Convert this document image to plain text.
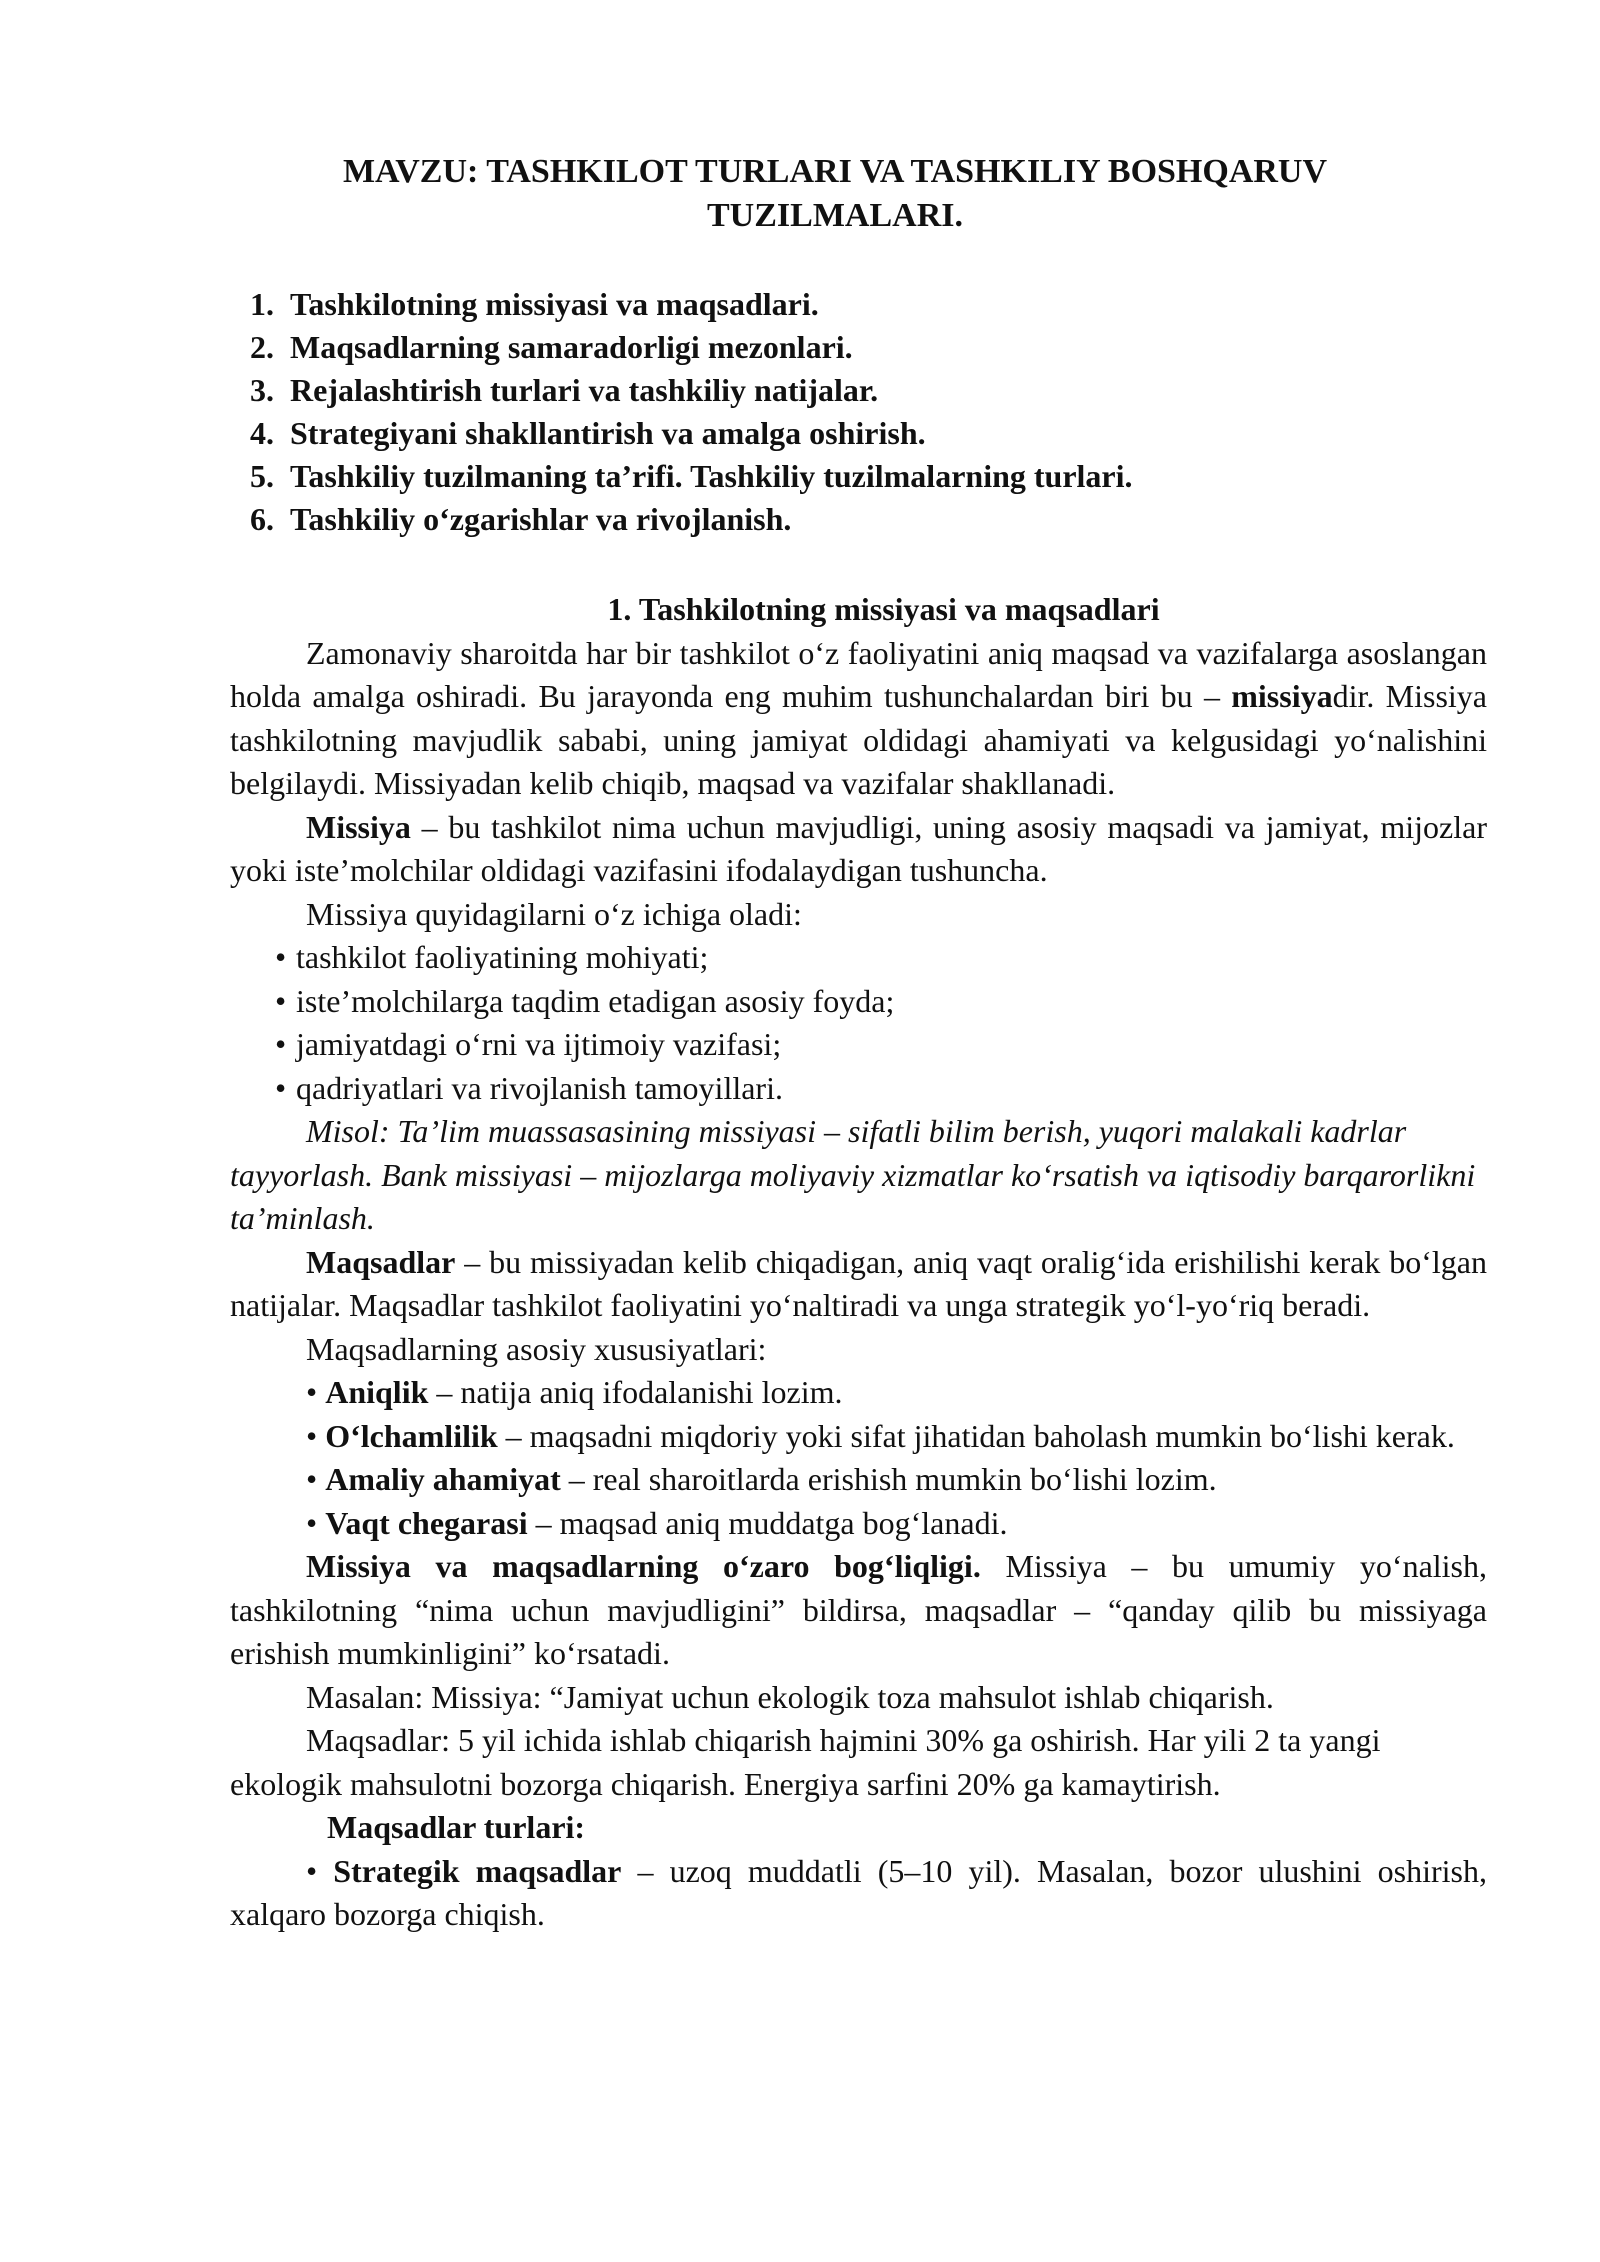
MAVZU: TASHKILOT TURLARI VA TASHKILIY BOSHQARUV
TUZILMALARI.
1. Tashkilotning missiyasi va maqsadlari.
2. Maqsadlarning samaradorligi mezonlari.
3. Rejalashtirish turlari va tashkiliy natijalar.
4. Strategiyani shakllantirish va amalga oshirish.
5. Tashkiliy tuzilmaning ta’rifi. Tashkiliy tuzilmalarning turlari.
6. Tashkiliy o‘zgarishlar va rivojlanish.
1. Tashkilotning missiyasi va maqsadlari

Zamonaviy sharoitda har bir tashkilot o‘z faoliyatini aniq maqsad va vazifalarga asoslangan holda amalga oshiradi. Bu jarayonda eng muhim tushunchalardan biri bu – missiyadir. Missiya tashkilotning mavjudlik sababi, uning jamiyat oldidagi ahamiyati va kelgusidagi yo‘nalishini belgilaydi. Missiyadan kelib chiqib, maqsad va vazifalar shakllanadi.

Missiya – bu tashkilot nima uchun mavjudligi, uning asosiy maqsadi va jamiyat, mijozlar yoki iste’molchilar oldidagi vazifasini ifodalaydigan tushuncha.

Missiya quyidagilarni o‘z ichiga oladi:

• tashkilot faoliyatining mohiyati;
• iste’molchilarga taqdim etadigan asosiy foyda;
• jamiyatdagi o‘rni va ijtimoiy vazifasi;
• qadriyatlari va rivojlanish tamoyillari.

Misol: Ta’lim muassasasining missiyasi – sifatli bilim berish, yuqori malakali kadrlar tayyorlash. Bank missiyasi – mijozlarga moliyaviy xizmatlar ko‘rsatish va iqtisodiy barqarorlikni ta’minlash.

Maqsadlar – bu missiyadan kelib chiqadigan, aniq vaqt oralig‘ida erishilishi kerak bo‘lgan natijalar. Maqsadlar tashkilot faoliyatini yo‘naltiradi va unga strategik yo‘l-yo‘riq beradi.

Maqsadlarning asosiy xususiyatlari:

• Aniqlik – natija aniq ifodalanishi lozim.

• O‘lchamlilik – maqsadni miqdoriy yoki sifat jihatidan baholash mumkin bo‘lishi kerak.

• Amaliy ahamiyat – real sharoitlarda erishish mumkin bo‘lishi lozim.

• Vaqt chegarasi – maqsad aniq muddatga bog‘lanadi.

Missiya va maqsadlarning o‘zaro bog‘liqligi. Missiya – bu umumiy yo‘nalish, tashkilotning “nima uchun mavjudligini” bildirsa, maqsadlar – “qanday qilib bu missiyaga erishish mumkinligini” ko‘rsatadi.

Masalan: Missiya: “Jamiyat uchun ekologik toza mahsulot ishlab chiqarish.

Maqsadlar: 5 yil ichida ishlab chiqarish hajmini 30% ga oshirish. Har yili 2 ta yangi ekologik mahsulotni bozorga chiqarish. Energiya sarfini 20% ga kamaytirish.

Maqsadlar turlari:

• Strategik maqsadlar – uzoq muddatli (5–10 yil). Masalan, bozor ulushini oshirish, xalqaro bozorga chiqish.
